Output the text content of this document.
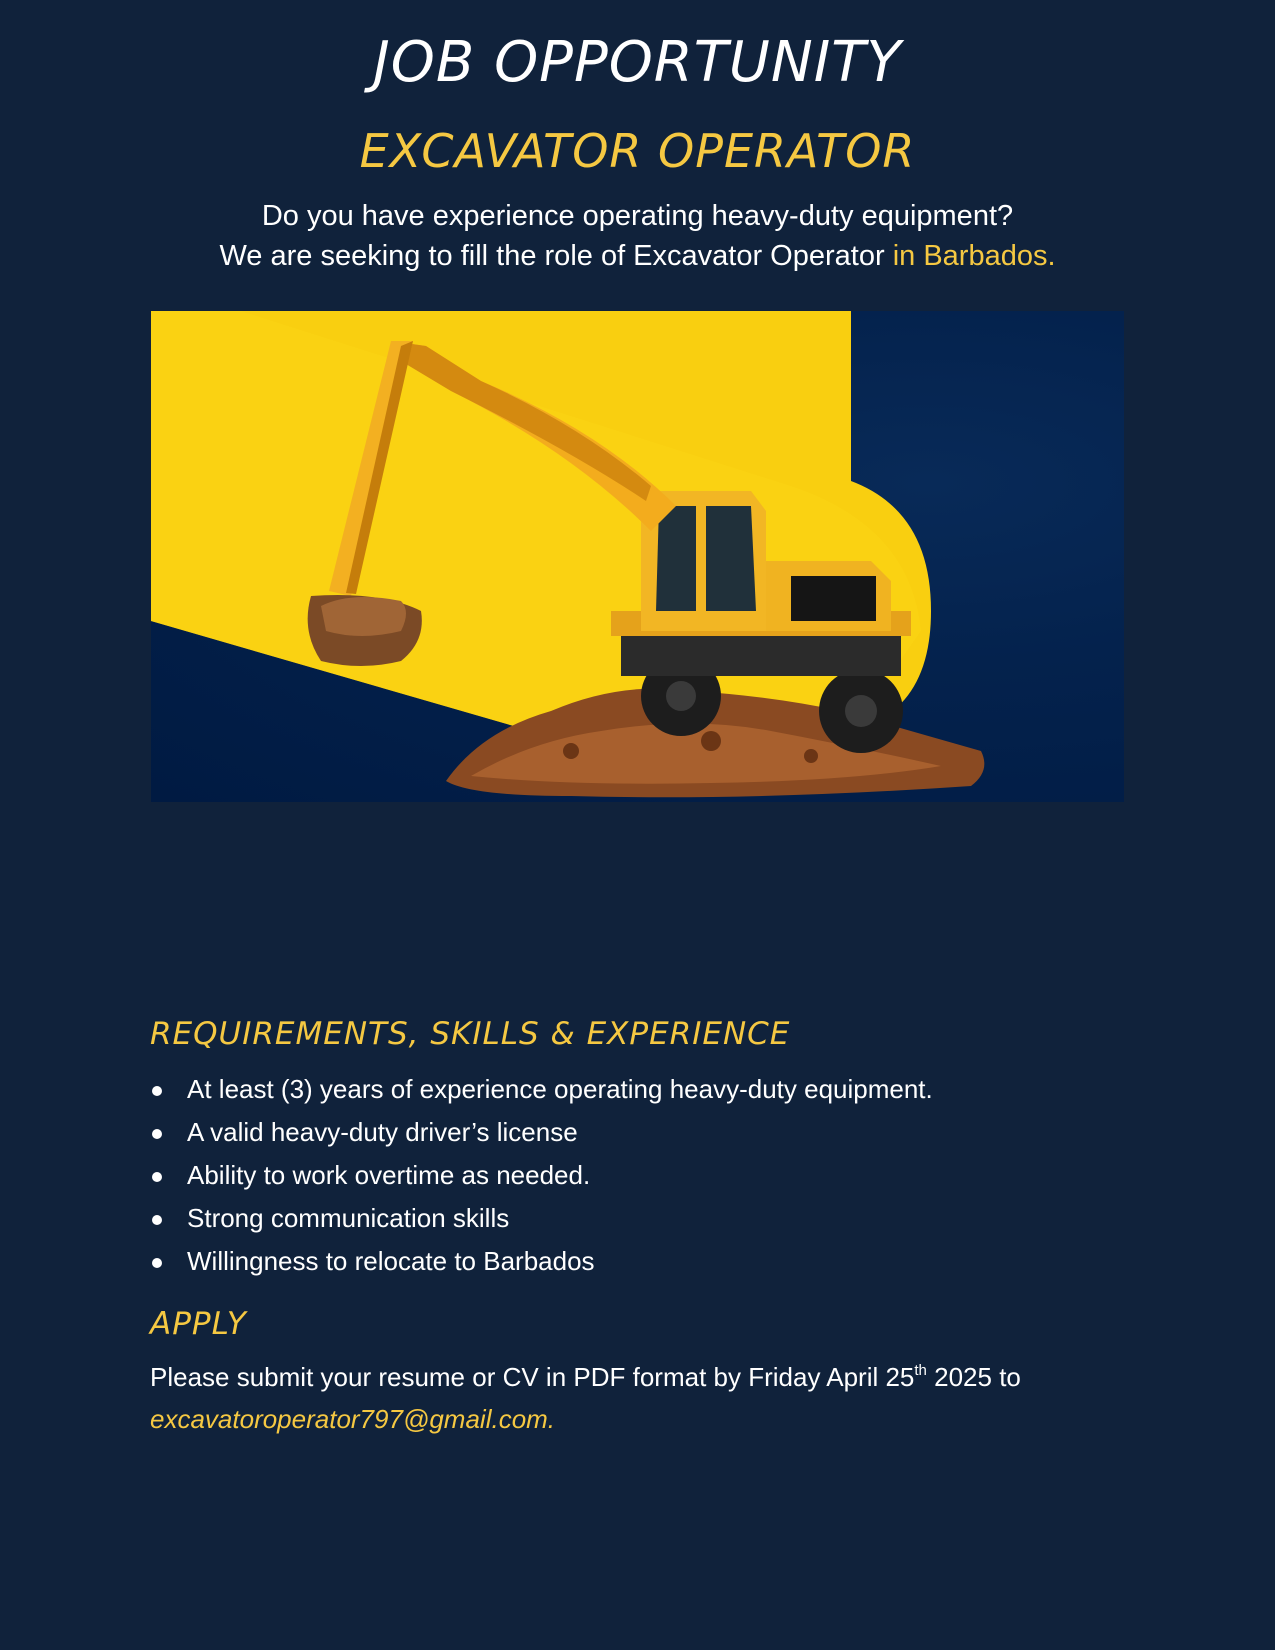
JOB OPPORTUNITY
EXCAVATOR OPERATOR
Do you have experience operating heavy-duty equipment?
We are seeking to fill the role of Excavator Operator in Barbados.
REQUIREMENTS, SKILLS & EXPERIENCE
At least (3) years of experience operating heavy-duty equipment.
A valid heavy-duty driver’s license
Ability to work overtime as needed.
Strong communication skills
Willingness to relocate to Barbados
APPLY
Please submit your resume or CV in PDF format by Friday April 25th 2025 to
excavatoroperator797@gmail.com.
